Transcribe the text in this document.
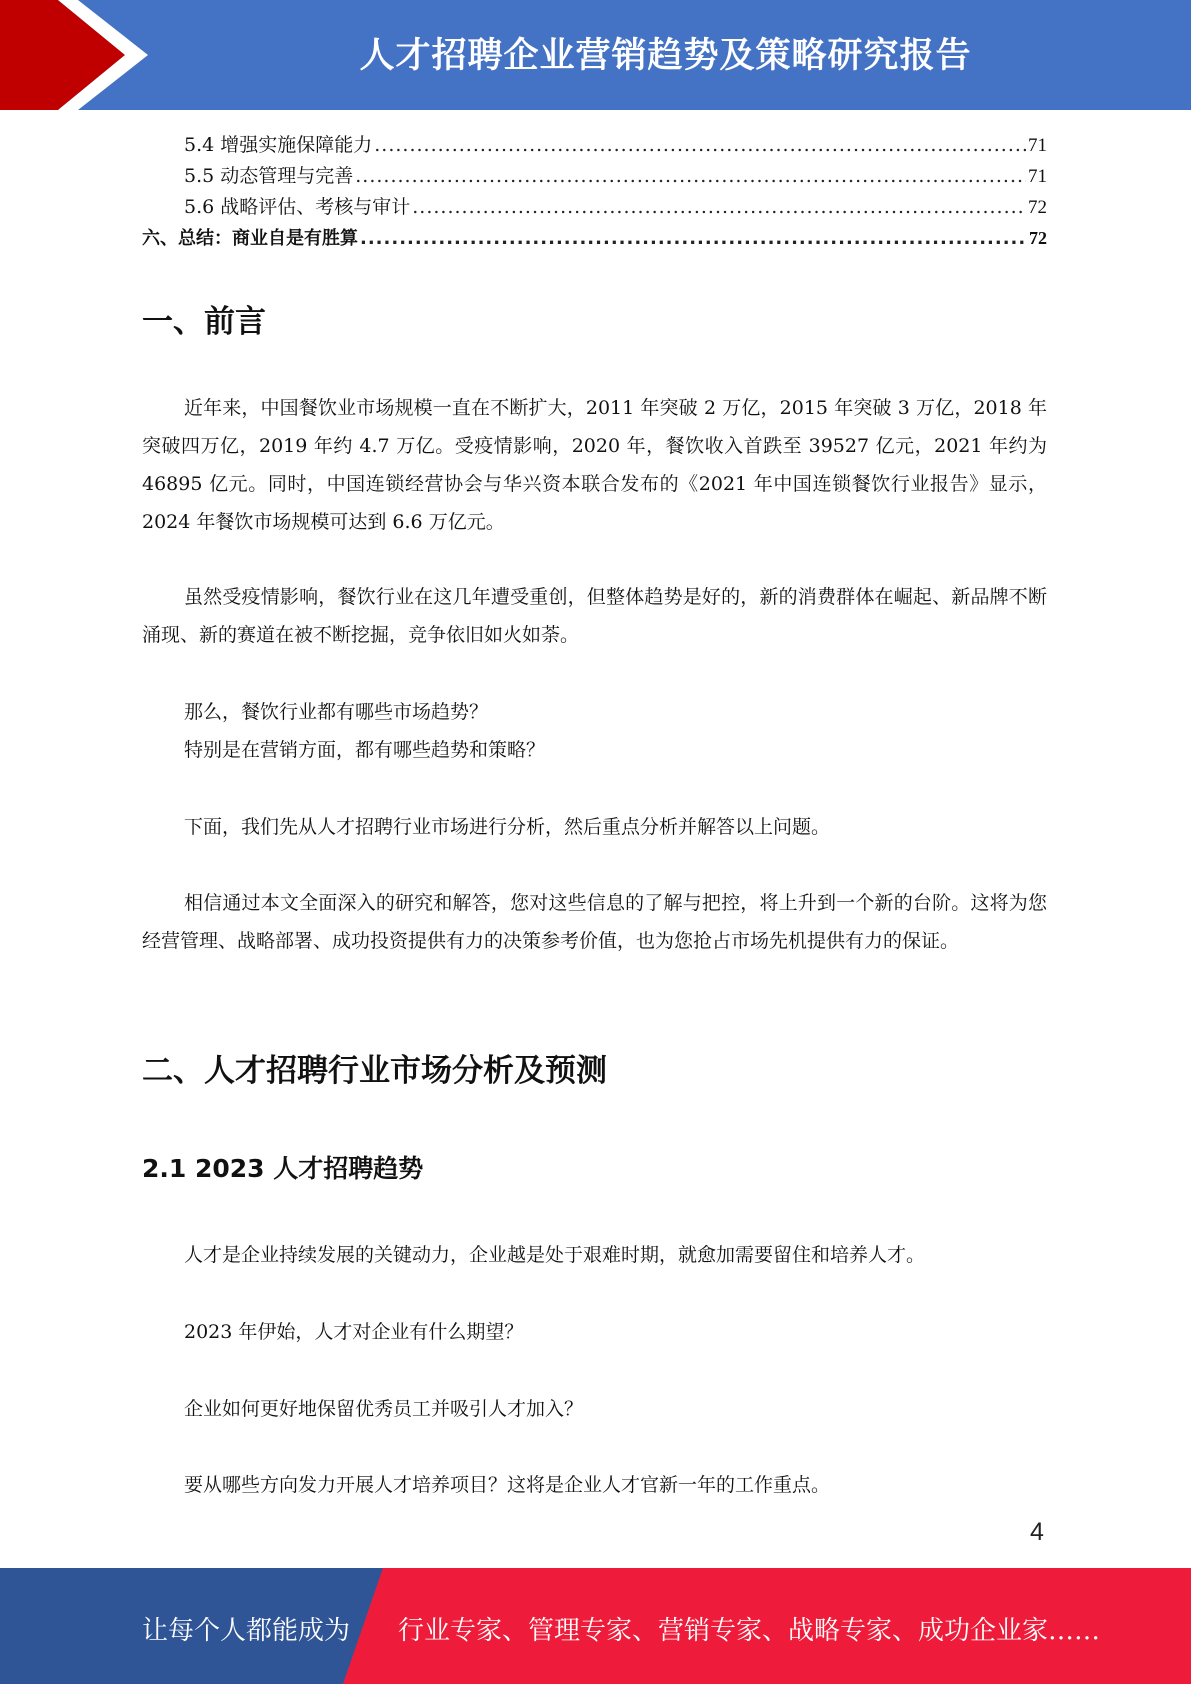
人才招聘企业营销趋势及策略研究报告
5.4 增强实施保障能力 .....	71
5.5 动态管理与完善 .....	71
5.6 战略评估、考核与审计 .....	72
六、总结：商业自是有胜算 .....	72
一、前言

近年来，中国餐饮业市场规模一直在不断扩大，2011 年突破 2 万亿，2015 年突破 3 万亿，2018 年突破四万亿，2019 年约 4.7 万亿。受疫情影响，2020 年，餐饮收入首跌至 39527 亿元，2021 年约为 46895 亿元。同时，中国连锁经营协会与华兴资本联合发布的《2021 年中国连锁餐饮行业报告》显示，2024 年餐饮市场规模可达到 6.6 万亿元。

虽然受疫情影响，餐饮行业在这几年遭受重创，但整体趋势是好的，新的消费群体在崛起、新品牌不断涌现、新的赛道在被不断挖掘，竞争依旧如火如荼。

那么，餐饮行业都有哪些市场趋势？

特别是在营销方面，都有哪些趋势和策略？

下面，我们先从人才招聘行业市场进行分析，然后重点分析并解答以上问题。

相信通过本文全面深入的研究和解答，您对这些信息的了解与把控，将上升到一个新的台阶。这将为您经营管理、战略部署、成功投资提供有力的决策参考价值，也为您抢占市场先机提供有力的保证。

二、人才招聘行业市场分析及预测
2.1 2023 人才招聘趋势

人才是企业持续发展的关键动力，企业越是处于艰难时期，就愈加需要留住和培养人才。

2023 年伊始，人才对企业有什么期望？

企业如何更好地保留优秀员工并吸引人才加入？

要从哪些方向发力开展人才培养项目？这将是企业人才官新一年的工作重点。

4
让每个人都能成为 行业专家、管理专家、营销专家、战略专家、成功企业家……
